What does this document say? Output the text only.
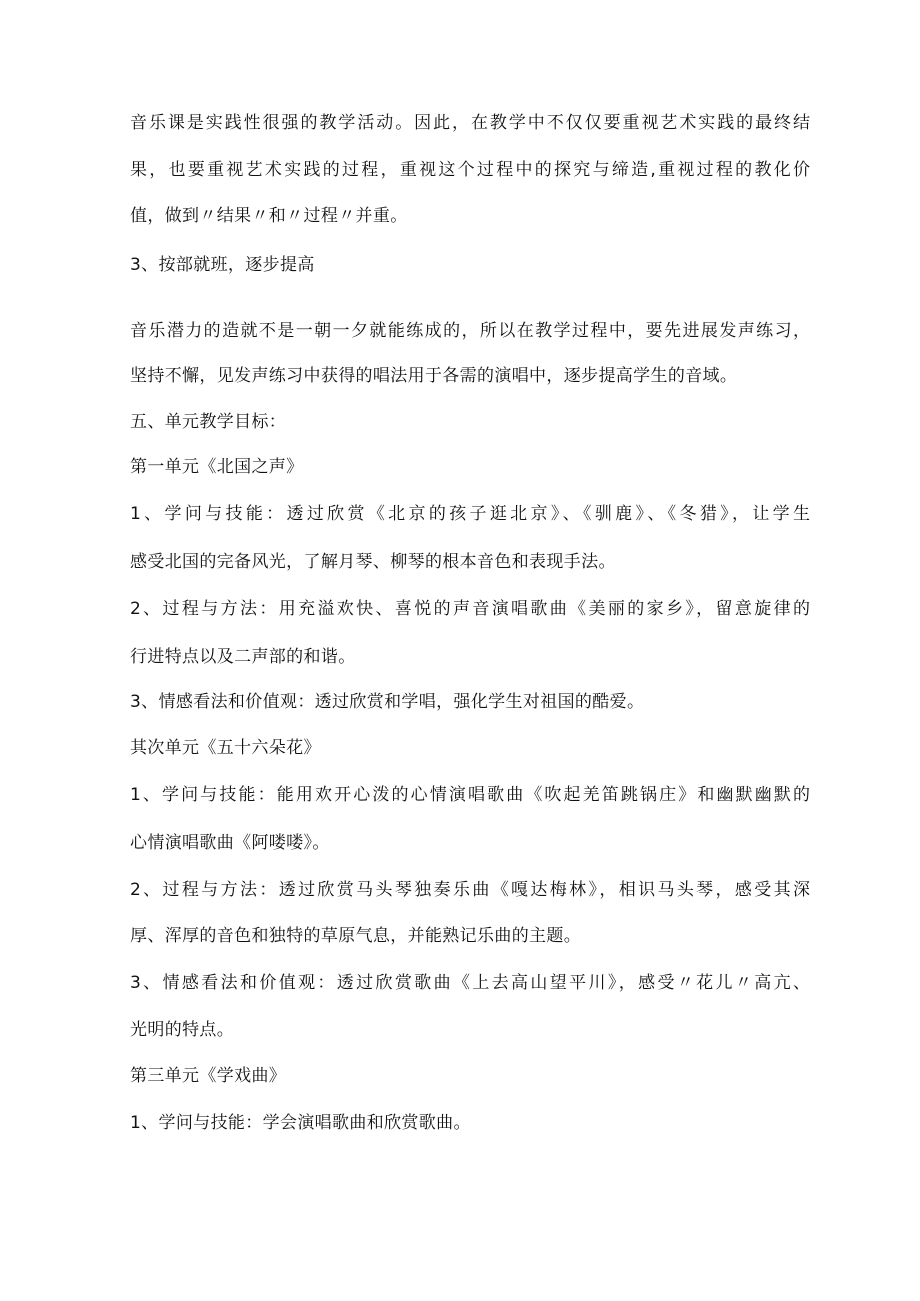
音乐课是实践性很强的教学活动。因此，在教学中不仅仅要重视艺术实践的最终结

果，也要重视艺术实践的过程，重视这个过程中的探究与缔造,重视过程的教化价

值，做到〃结果〃和〃过程〃并重。

3、按部就班，逐步提高

音乐潜力的造就不是一朝一夕就能练成的，所以在教学过程中，要先进展发声练习，

坚持不懈，见发声练习中获得的唱法用于各需的演唱中，逐步提高学生的音域。

五、单元教学目标：

第一单元《北国之声》

1、学问与技能：透过欣赏《北京的孩子逛北京》、《驯鹿》、《冬猎》，让学生

感受北国的完备风光，了解月琴、柳琴的根本音色和表现手法。

2、过程与方法：用充溢欢快、喜悦的声音演唱歌曲《美丽的家乡》，留意旋律的

行进特点以及二声部的和谐。

3、情感看法和价值观：透过欣赏和学唱，强化学生对祖国的酷爱。

其次单元《五十六朵花》

1、学问与技能：能用欢开心泼的心情演唱歌曲《吹起羌笛跳锅庄》和幽默幽默的

心情演唱歌曲《阿喽喽》。

2、过程与方法：透过欣赏马头琴独奏乐曲《嘎达梅林》，相识马头琴，感受其深

厚、浑厚的音色和独特的草原气息，并能熟记乐曲的主题。

3、情感看法和价值观：透过欣赏歌曲《上去高山望平川》，感受〃花儿〃高亢、

光明的特点。

第三单元《学戏曲》

1、学问与技能：学会演唱歌曲和欣赏歌曲。
